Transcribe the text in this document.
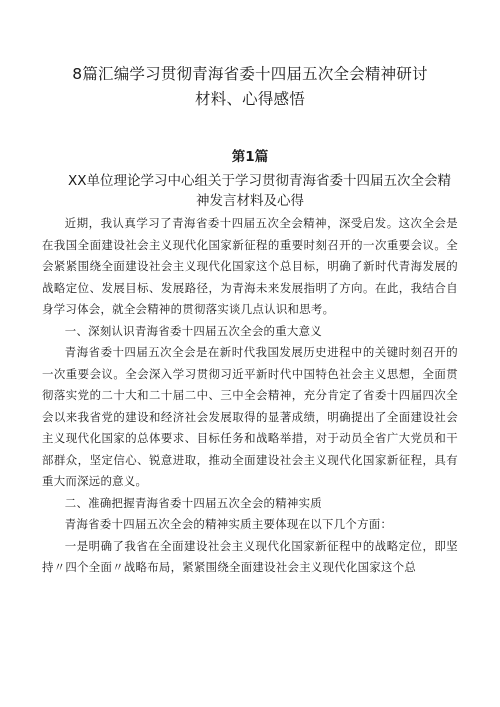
8篇汇编学习贯彻青海省委十四届五次全会精神研讨
材料、心得感悟
第1篇
XX单位理论学习中心组关于学习贯彻青海省委十四届五次全会精
神发言材料及心得

近期，我认真学习了青海省委十四届五次全会精神，深受启发。这次全会是在我国全面建设社会主义现代化国家新征程的重要时刻召开的一次重要会议。全会紧紧围绕全面建设社会主义现代化国家这个总目标，明确了新时代青海发展的战略定位、发展目标、发展路径，为青海未来发展指明了方向。在此，我结合自身学习体会，就全会精神的贯彻落实谈几点认识和思考。

一、深刻认识青海省委十四届五次全会的重大意义

青海省委十四届五次全会是在新时代我国发展历史进程中的关键时刻召开的一次重要会议。全会深入学习贯彻习近平新时代中国特色社会主义思想，全面贯彻落实党的二十大和二十届二中、三中全会精神，充分肯定了省委十四届四次全会以来我省党的建设和经济社会发展取得的显著成绩，明确提出了全面建设社会主义现代化国家的总体要求、目标任务和战略举措，对于动员全省广大党员和干部群众，坚定信心、锐意进取，推动全面建设社会主义现代化国家新征程，具有重大而深远的意义。

二、准确把握青海省委十四届五次全会的精神实质

青海省委十四届五次全会的精神实质主要体现在以下几个方面：

一是明确了我省在全面建设社会主义现代化国家新征程中的战略定位，即坚持〃四个全面〃战略布局，紧紧围绕全面建设社会主义现代化国家这个总
